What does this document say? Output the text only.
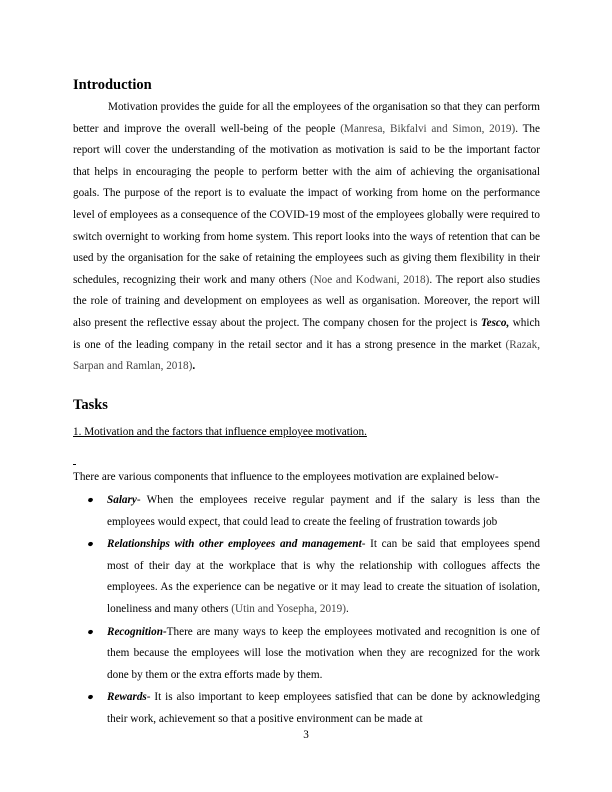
Introduction

Motivation provides the guide for all the employees of the organisation so that they can perform better and improve the overall well-being of the people (Manresa, Bikfalvi and Simon, 2019). The report will cover the understanding of the motivation as motivation is said to be the important factor that helps in encouraging the people to perform better with the aim of achieving the organisational goals. The purpose of the report is to evaluate the impact of working from home on the performance level of employees as a consequence of the COVID-19 most of the employees globally were required to switch overnight to working from home system. This report looks into the ways of retention that can be used by the organisation for the sake of retaining the employees such as giving them flexibility in their schedules, recognizing their work and many others (Noe and Kodwani, 2018). The report also studies the role of training and development on employees as well as organisation. Moreover, the report will also present the reflective essay about the project. The company chosen for the project is Tesco, which is one of the leading company in the retail sector and it has a strong presence in the market (Razak, Sarpan and Ramlan, 2018).

Tasks

1. Motivation and the factors that influence employee motivation.

There are various components that influence to the employees motivation are explained below-

Salary- When the employees receive regular payment and if the salary is less than the employees would expect, that could lead to create the feeling of frustration towards job
Relationships with other employees and management- It can be said that employees spend most of their day at the workplace that is why the relationship with collogues affects the employees. As the experience can be negative or it may lead to create the situation of isolation, loneliness and many others (Utin and Yosepha, 2019).
Recognition-There are many ways to keep the employees motivated and recognition is one of them because the employees will lose the motivation when they are recognized for the work done by them or the extra efforts made by them.
Rewards- It is also important to keep employees satisfied that can be done by acknowledging their work, achievement so that a positive environment can be made at

3
